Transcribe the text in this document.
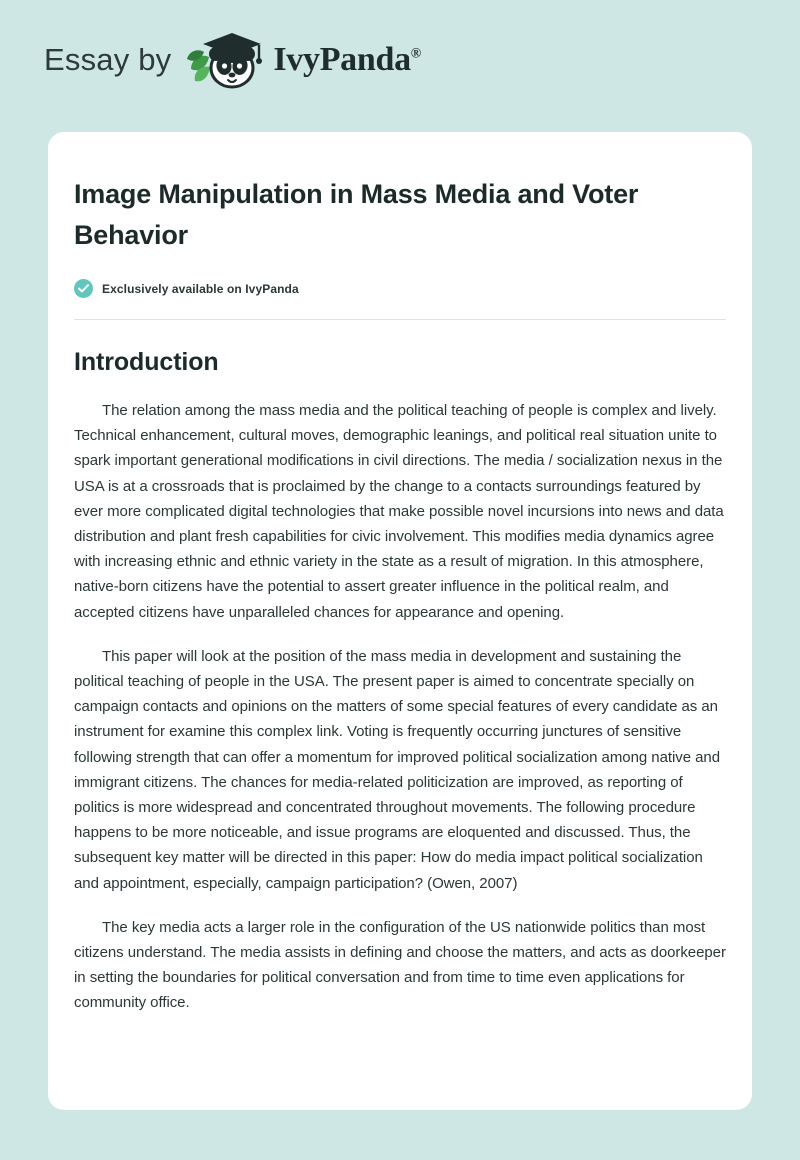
Essay by	IvyPanda®
Image Manipulation in Mass Media and Voter Behavior
Exclusively available on IvyPanda
Introduction

The relation among the mass media and the political teaching of people is complex and lively. Technical enhancement, cultural moves, demographic leanings, and political real situation unite to spark important generational modifications in civil directions. The media / socialization nexus in the USA is at a crossroads that is proclaimed by the change to a contacts surroundings featured by ever more complicated digital technologies that make possible novel incursions into news and data distribution and plant fresh capabilities for civic involvement. This modifies media dynamics agree with increasing ethnic and ethnic variety in the state as a result of migration. In this atmosphere, native-born citizens have the potential to assert greater influence in the political realm, and accepted citizens have unparalleled chances for appearance and opening.

This paper will look at the position of the mass media in development and sustaining the political teaching of people in the USA. The present paper is aimed to concentrate specially on campaign contacts and opinions on the matters of some special features of every candidate as an instrument for examine this complex link. Voting is frequently occurring junctures of sensitive following strength that can offer a momentum for improved political socialization among native and immigrant citizens. The chances for media-related politicization are improved, as reporting of politics is more widespread and concentrated throughout movements. The following procedure happens to be more noticeable, and issue programs are eloquented and discussed. Thus, the subsequent key matter will be directed in this paper: How do media impact political socialization and appointment, especially, campaign participation? (Owen, 2007)

The key media acts a larger role in the configuration of the US nationwide politics than most citizens understand. The media assists in defining and choose the matters, and acts as doorkeeper in setting the boundaries for political conversation and from time to time even applications for community office.
